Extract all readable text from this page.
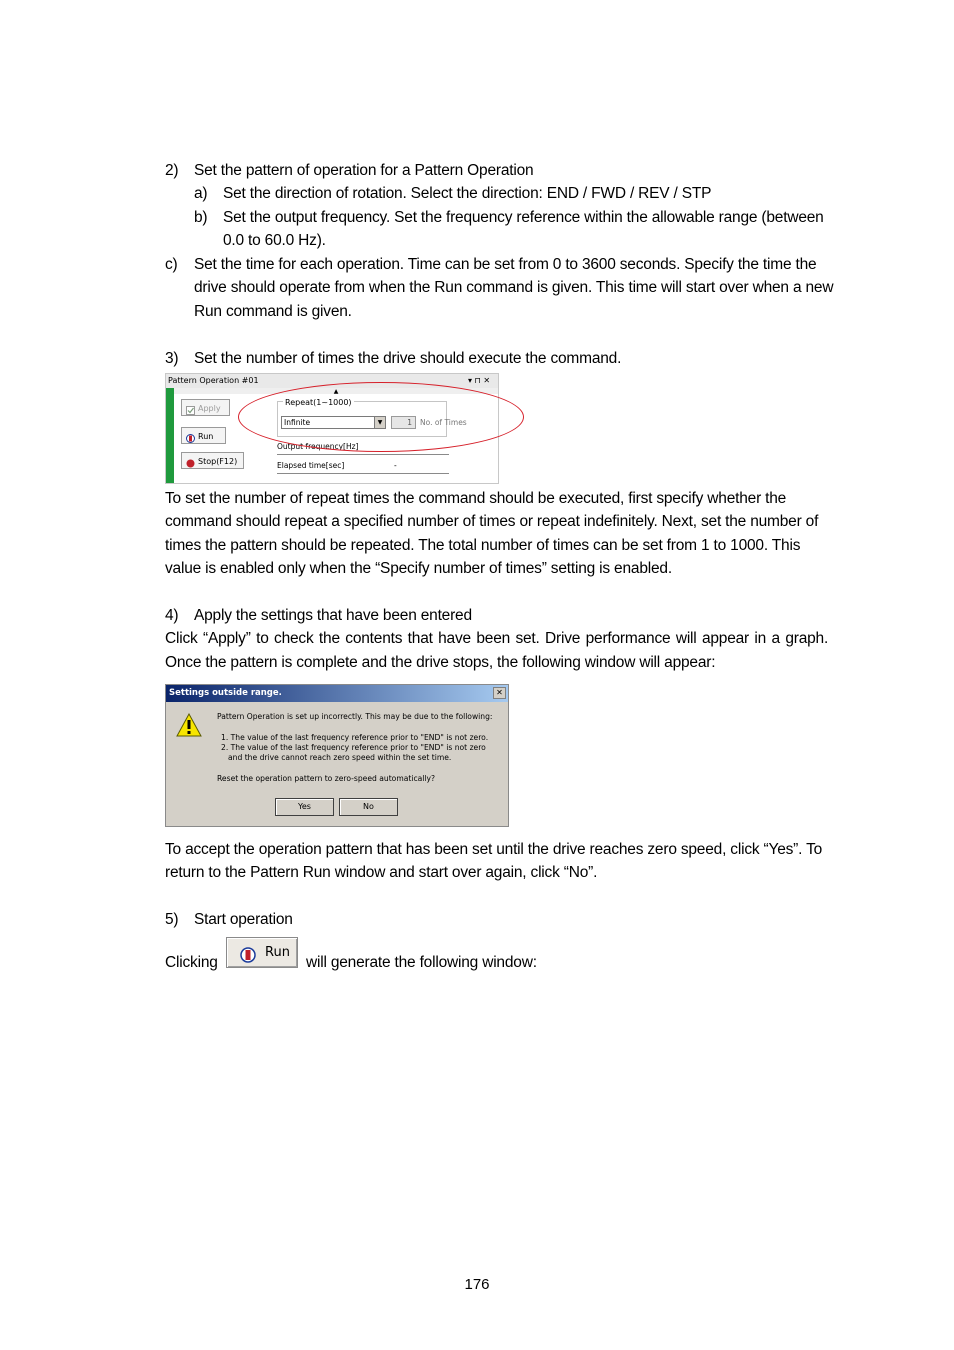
2) Set the pattern of operation for a Pattern Operation
a) Set the direction of rotation. Select the direction: END / FWD / REV / STP
b) Set the output frequency. Set the frequency reference within the allowable range (between
0.0 to 60.0 Hz).
c) Set the time for each operation. Time can be set from 0 to 3600 seconds. Specify the time the
drive should operate from when the Run command is given. This time will start over when a new
Run command is given.
3) Set the number of times the drive should execute the command.
Pattern Operation #01	▾ ⊓ ✕
▲
Apply
Run
Stop(F12)
Repeat(1~1000)
Infinite	▼	1	No. of Times
Output frequency[Hz]
Elapsed time[sec]	-
To set the number of repeat times the command should be executed, first specify whether the
command should repeat a specified number of times or repeat indefinitely. Next, set the number of
times the pattern should be repeated. The total number of times can be set from 1 to 1000. This
value is enabled only when the “Specify number of times” setting is enabled.
4) Apply the settings that have been entered
Click “Apply” to check the contents that have been set. Drive performance will appear in a graph.
Once the pattern is complete and the drive stops, the following window will appear:
Settings outside range.	✕
Pattern Operation is set up incorrectly. This may be due to the following:
1. The value of the last frequency reference prior to "END" is not zero.
2. The value of the last frequency reference prior to "END" is not zero
and the drive cannot reach zero speed within the set time.
Reset the operation pattern to zero-speed automatically?
Yes	No
To accept the operation pattern that has been set until the drive reaches zero speed, click “Yes”. To
return to the Pattern Run window and start over again, click “No”.
5) Start operation
Clicking
Run
will generate the following window:
176
